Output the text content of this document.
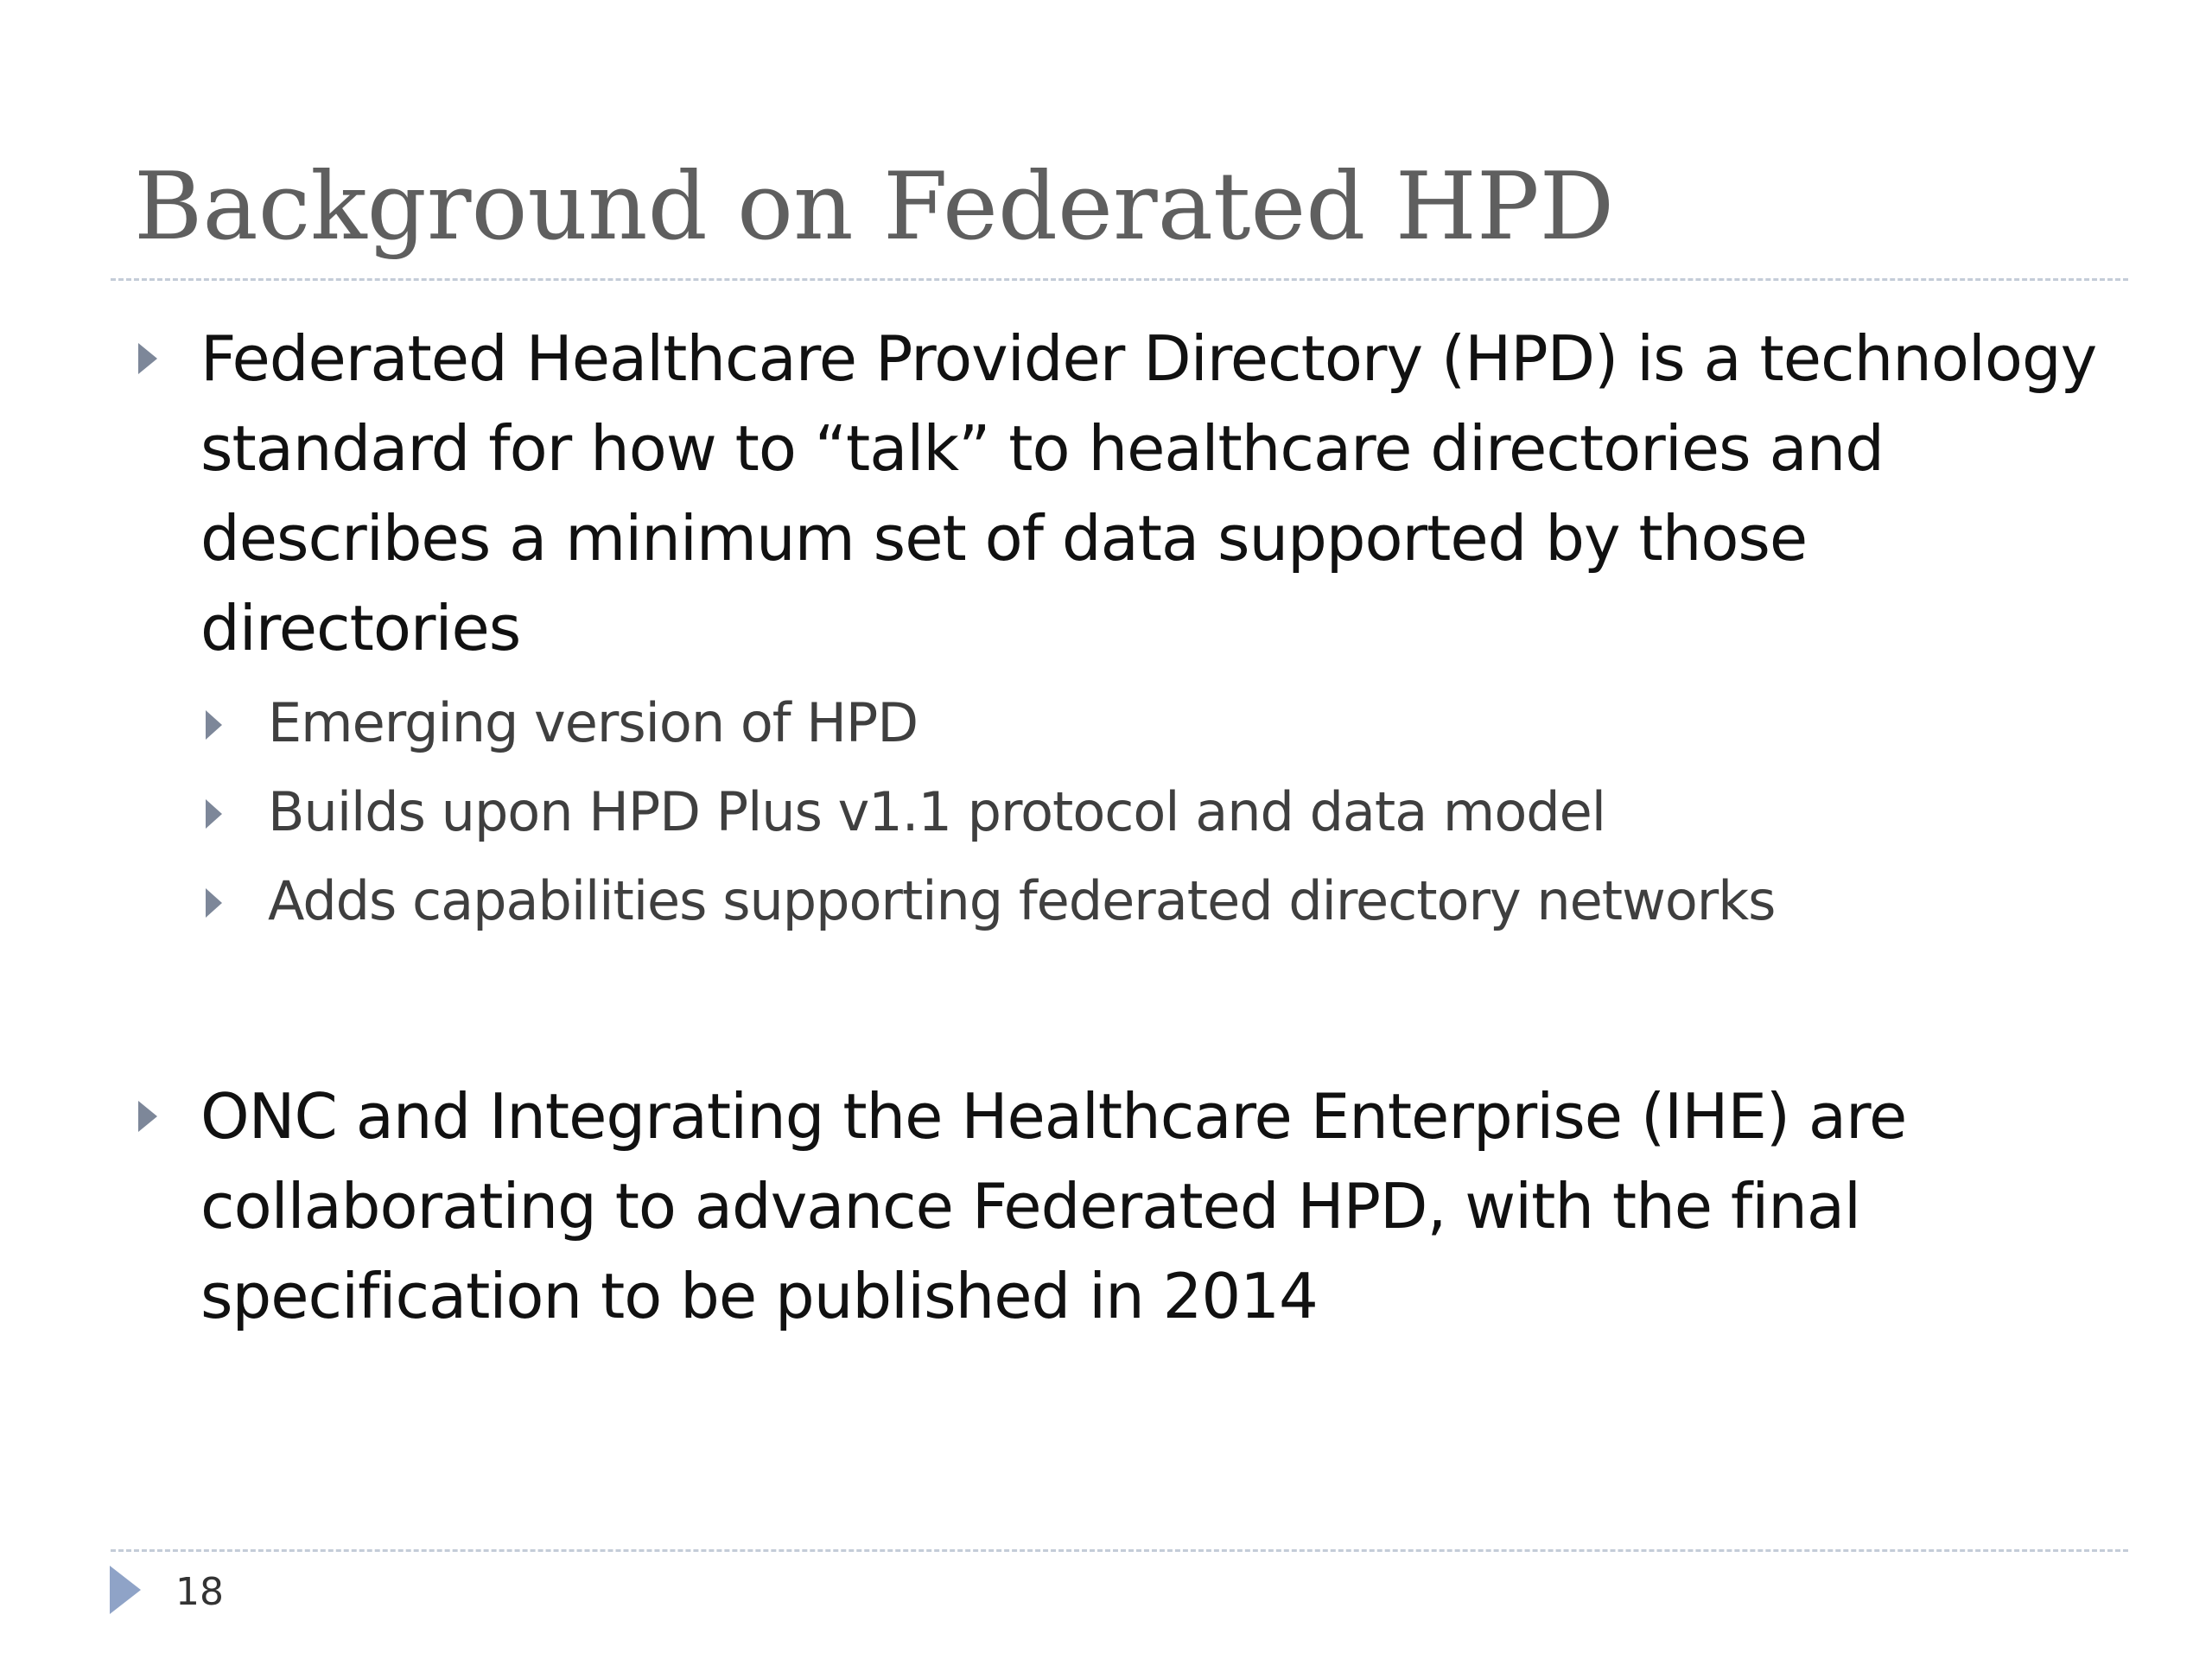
Background on Federated HPD

Federated Healthcare Provider Directory (HPD) is a technology standard for how to “talk” to healthcare directories and describes a minimum set of data supported by those directories

Emerging version of HPD

Builds upon HPD Plus v1.1 protocol and data model

Adds capabilities supporting federated directory networks

ONC and Integrating the Healthcare Enterprise (IHE) are collaborating to advance Federated HPD, with the final specification to be published in 2014

18
